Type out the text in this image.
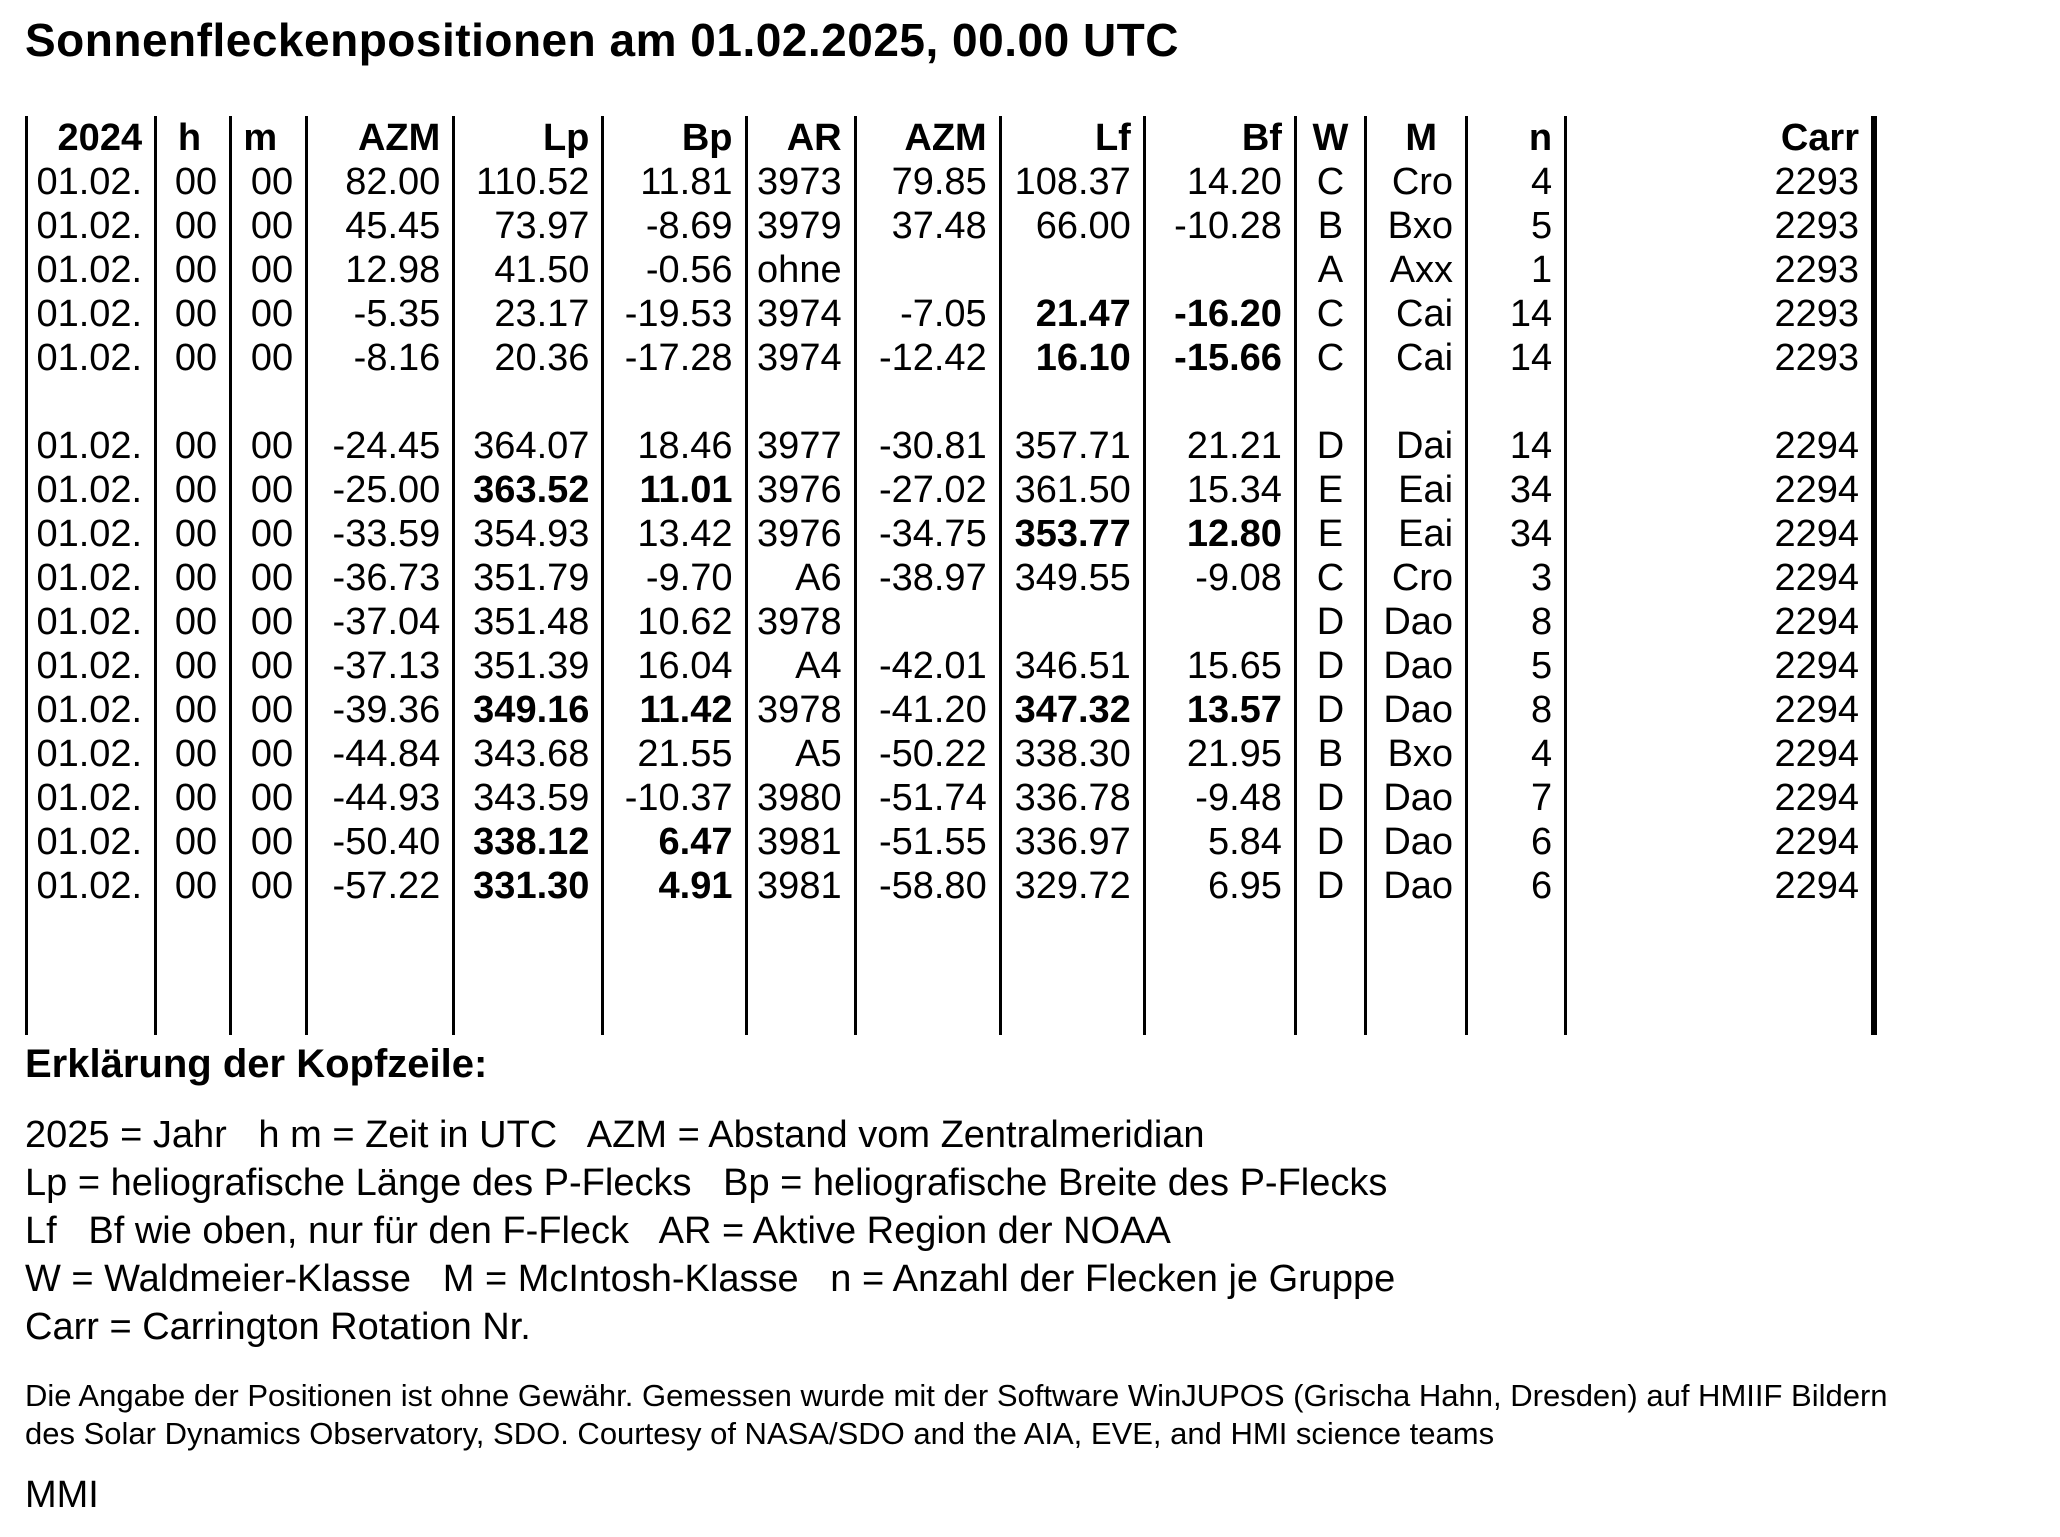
Sonnenfleckenpositionen am 01.02.2025, 00.00 UTC
2024	h	m	AZM	Lp	Bp	AR	AZM	Lf	Bf	W	M	n	Carr
01.02.	00	00	82.00	110.52	11.81	3973	79.85	108.37	14.20	C	Cro	4	2293
01.02.	00	00	45.45	73.97	-8.69	3979	37.48	66.00	-10.28	B	Bxo	5	2293
01.02.	00	00	12.98	41.50	-0.56	ohne				A	Axx	1	2293
01.02.	00	00	-5.35	23.17	-19.53	3974	-7.05	21.47	-16.20	C	Cai	14	2293
01.02.	00	00	-8.16	20.36	-17.28	3974	-12.42	16.10	-15.66	C	Cai	14	2293

01.02.	00	00	-24.45	364.07	18.46	3977	-30.81	357.71	21.21	D	Dai	14	2294
01.02.	00	00	-25.00	363.52	11.01	3976	-27.02	361.50	15.34	E	Eai	34	2294
01.02.	00	00	-33.59	354.93	13.42	3976	-34.75	353.77	12.80	E	Eai	34	2294
01.02.	00	00	-36.73	351.79	-9.70	A6	-38.97	349.55	-9.08	C	Cro	3	2294
01.02.	00	00	-37.04	351.48	10.62	3978				D	Dao	8	2294
01.02.	00	00	-37.13	351.39	16.04	A4	-42.01	346.51	15.65	D	Dao	5	2294
01.02.	00	00	-39.36	349.16	11.42	3978	-41.20	347.32	13.57	D	Dao	8	2294
01.02.	00	00	-44.84	343.68	21.55	A5	-50.22	338.30	21.95	B	Bxo	4	2294
01.02.	00	00	-44.93	343.59	-10.37	3980	-51.74	336.78	-9.48	D	Dao	7	2294
01.02.	00	00	-50.40	338.12	6.47	3981	-51.55	336.97	5.84	D	Dao	6	2294
01.02.	00	00	-57.22	331.30	4.91	3981	-58.80	329.72	6.95	D	Dao	6	2294

Erklärung der Kopfzeile:
2025 = Jahr   h m = Zeit in UTC   AZM = Abstand vom Zentralmeridian
Lp = heliografische Länge des P-Flecks   Bp = heliografische Breite des P-Flecks
Lf   Bf wie oben, nur für den F-Fleck   AR = Aktive Region der NOAA
W = Waldmeier-Klasse   M = McIntosh-Klasse   n = Anzahl der Flecken je Gruppe
Carr = Carrington Rotation Nr.
Die Angabe der Positionen ist ohne Gewähr. Gemessen wurde mit der Software WinJUPOS (Grischa Hahn, Dresden) auf HMIIF Bildern
des Solar Dynamics Observatory, SDO. Courtesy of NASA/SDO and the AIA, EVE, and HMI science teams
MMI
